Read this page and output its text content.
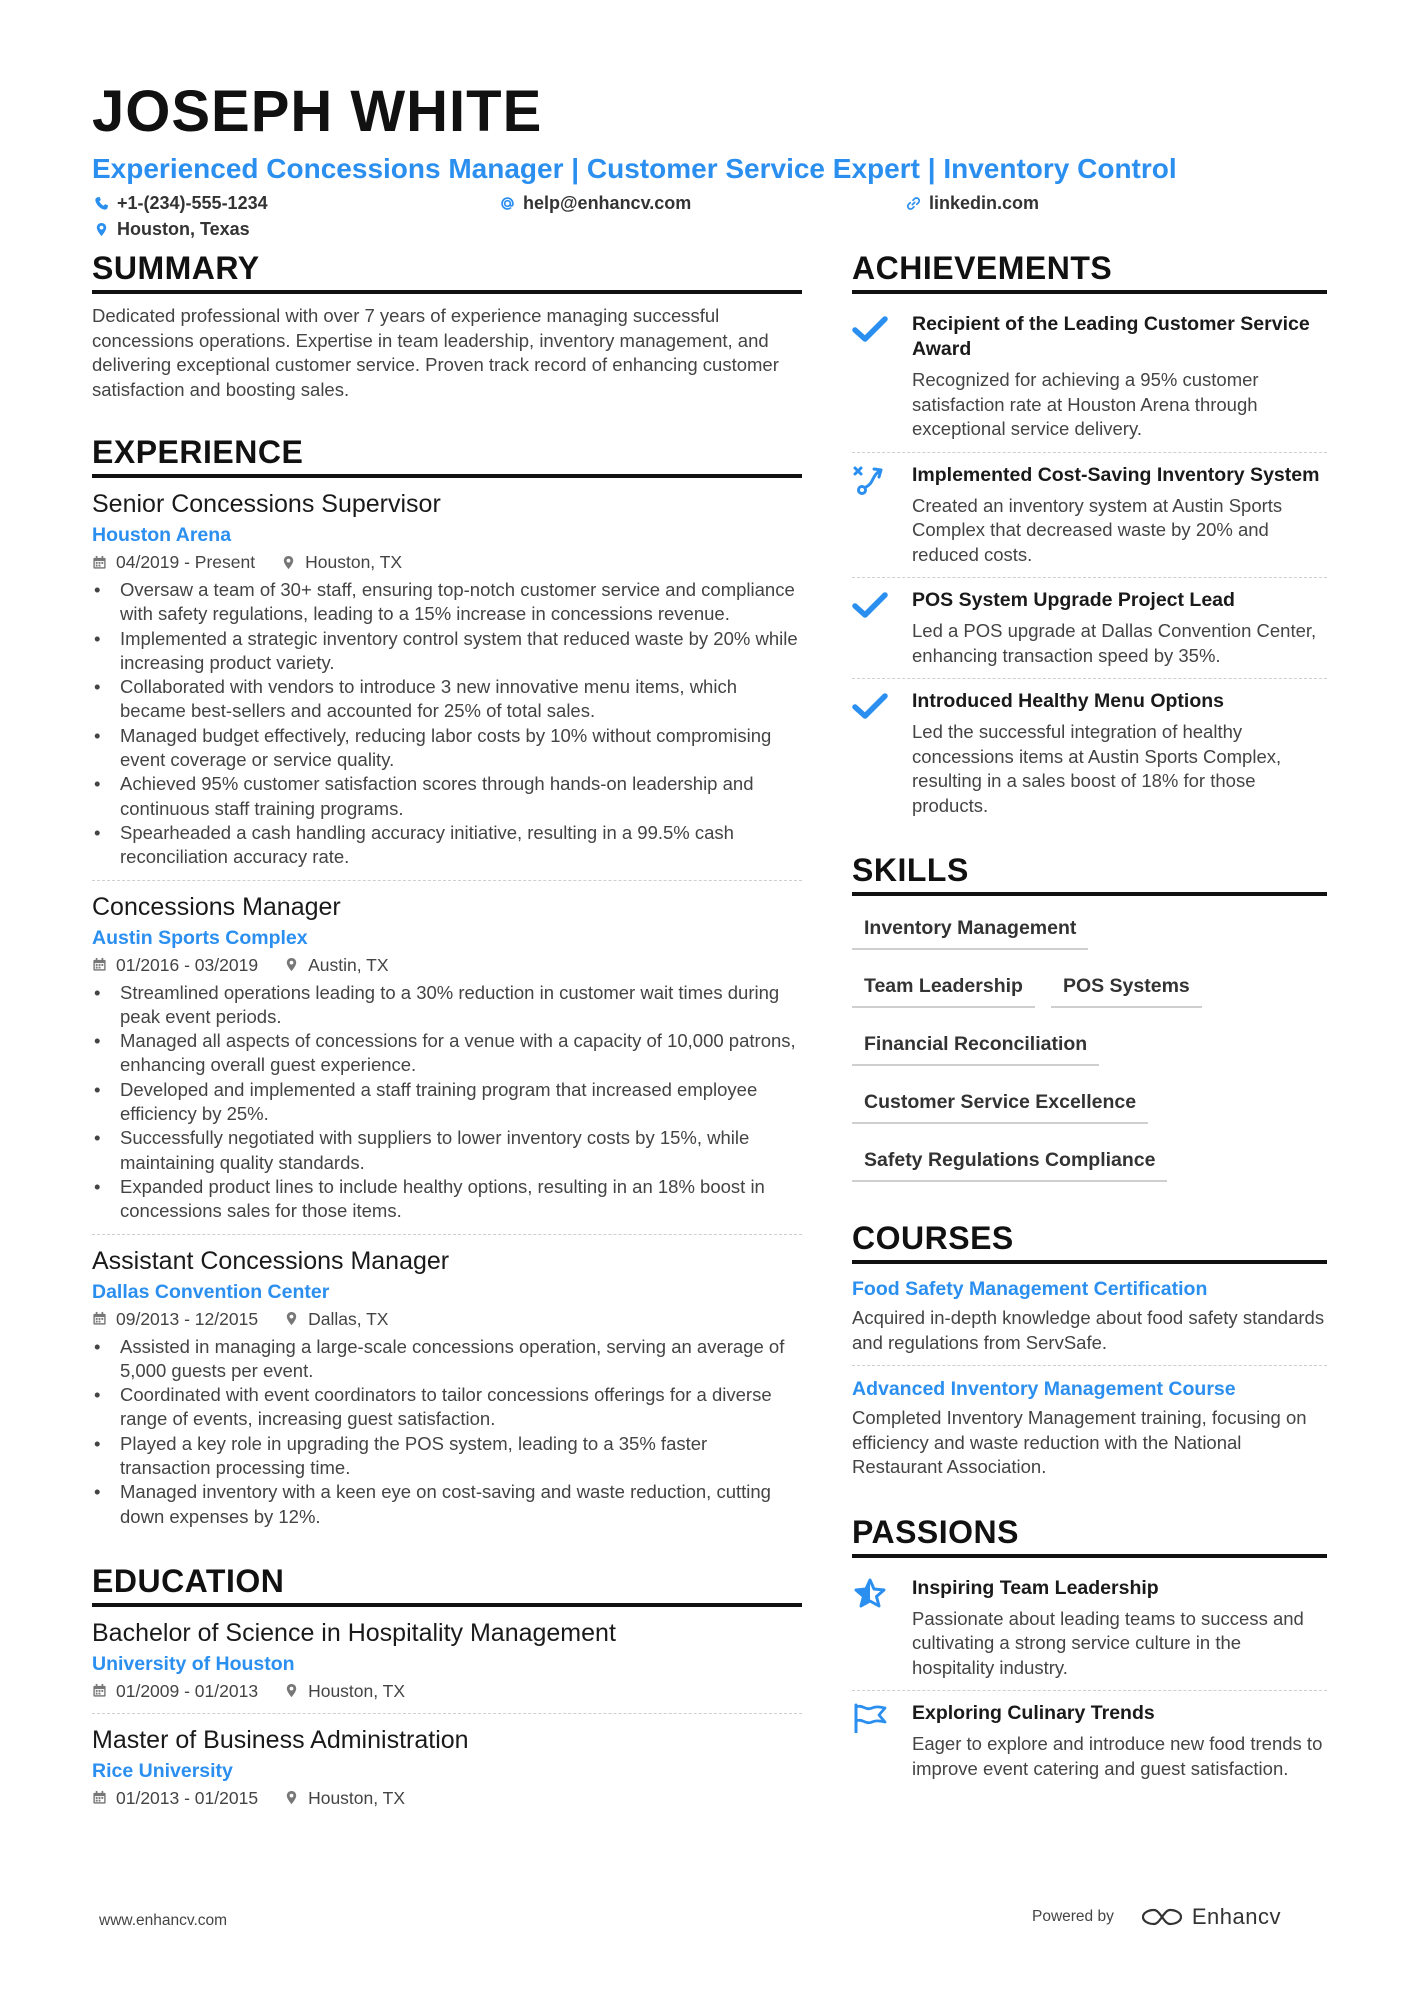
JOSEPH WHITE
Experienced Concessions Manager | Customer Service Expert | Inventory Control
+1-(234)-555-1234	help@enhancv.com	linkedin.com
Houston, Texas
SUMMARY
Dedicated professional with over 7 years of experience managing successful concessions operations. Expertise in team leadership, inventory management, and delivering exceptional customer service. Proven track record of enhancing customer satisfaction and boosting sales.
EXPERIENCE
Senior Concessions Supervisor
Houston Arena
04/2019 - Present	Houston, TX
• Oversaw a team of 30+ staff, ensuring top-notch customer service and compliance with safety regulations, leading to a 15% increase in concessions revenue.
• Implemented a strategic inventory control system that reduced waste by 20% while increasing product variety.
• Collaborated with vendors to introduce 3 new innovative menu items, which became best-sellers and accounted for 25% of total sales.
• Managed budget effectively, reducing labor costs by 10% without compromising event coverage or service quality.
• Achieved 95% customer satisfaction scores through hands-on leadership and continuous staff training programs.
• Spearheaded a cash handling accuracy initiative, resulting in a 99.5% cash reconciliation accuracy rate.
Concessions Manager
Austin Sports Complex
01/2016 - 03/2019	Austin, TX
• Streamlined operations leading to a 30% reduction in customer wait times during peak event periods.
• Managed all aspects of concessions for a venue with a capacity of 10,000 patrons, enhancing overall guest experience.
• Developed and implemented a staff training program that increased employee efficiency by 25%.
• Successfully negotiated with suppliers to lower inventory costs by 15%, while maintaining quality standards.
• Expanded product lines to include healthy options, resulting in an 18% boost in concessions sales for those items.
Assistant Concessions Manager
Dallas Convention Center
09/2013 - 12/2015	Dallas, TX
• Assisted in managing a large-scale concessions operation, serving an average of 5,000 guests per event.
• Coordinated with event coordinators to tailor concessions offerings for a diverse range of events, increasing guest satisfaction.
• Played a key role in upgrading the POS system, leading to a 35% faster transaction processing time.
• Managed inventory with a keen eye on cost-saving and waste reduction, cutting down expenses by 12%.
EDUCATION
Bachelor of Science in Hospitality Management
University of Houston
01/2009 - 01/2013	Houston, TX
Master of Business Administration
Rice University
01/2013 - 01/2015	Houston, TX
ACHIEVEMENTS
Recipient of the Leading Customer Service Award
Recognized for achieving a 95% customer satisfaction rate at Houston Arena through exceptional service delivery.
Implemented Cost-Saving Inventory System
Created an inventory system at Austin Sports Complex that decreased waste by 20% and reduced costs.
POS System Upgrade Project Lead
Led a POS upgrade at Dallas Convention Center, enhancing transaction speed by 35%.
Introduced Healthy Menu Options
Led the successful integration of healthy concessions items at Austin Sports Complex, resulting in a sales boost of 18% for those products.
SKILLS
Inventory Management
Team Leadership	POS Systems
Financial Reconciliation
Customer Service Excellence
Safety Regulations Compliance
COURSES
Food Safety Management Certification
Acquired in-depth knowledge about food safety standards and regulations from ServSafe.
Advanced Inventory Management Course
Completed Inventory Management training, focusing on efficiency and waste reduction with the National Restaurant Association.
PASSIONS
Inspiring Team Leadership
Passionate about leading teams to success and cultivating a strong service culture in the hospitality industry.
Exploring Culinary Trends
Eager to explore and introduce new food trends to improve event catering and guest satisfaction.
www.enhancv.com	Powered by	Enhancv
